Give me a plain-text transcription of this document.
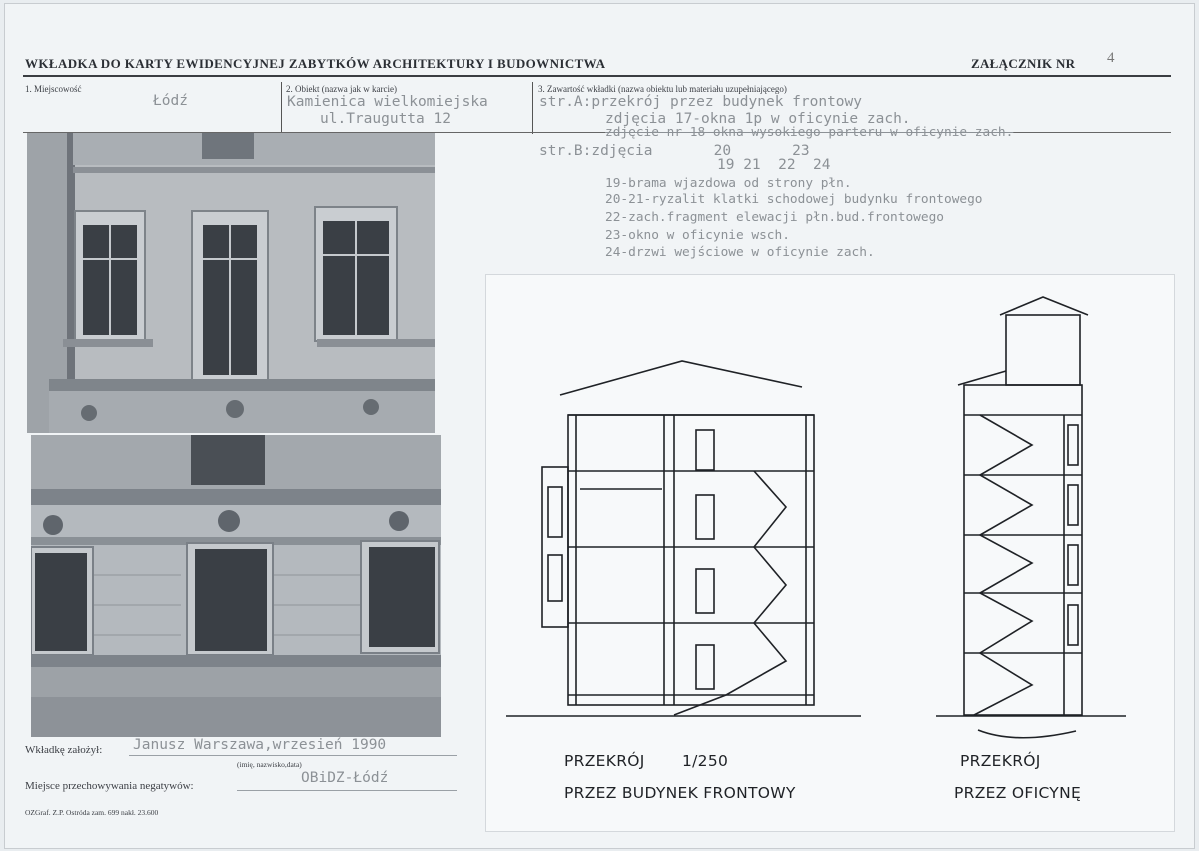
WKŁADKA DO KARTY EWIDENCYJNEJ ZABYTKÓW ARCHITEKTURY I BUDOWNICTWA	ZAŁĄCZNIK NR 4
1. Miejscowość
Łódź
2. Obiekt (nazwa jak w karcie)
Kamienica wielkomiejska
ul.Traugutta 12
3. Zawartość wkładki (nazwa obiektu lub materiału uzupełniającego)
str.A:przekrój przez budynek frontowy
zdjęcia 17-okna 1p w oficynie zach.
zdjęcie nr 18-okna wysokiego parteru w oficynie zach.
str.B:zdjęcia       20       23
19 21  22  24
19-brama wjazdowa od strony płn.
20-21-ryzalit klatki schodowej budynku frontowego
22-zach.fragment elewacji płn.bud.frontowego
23-okno w oficynie wsch.
24-drzwi wejściowe w oficynie zach.
PRZEKRÓJ 1/250
PRZEZ BUDYNEK FRONTOWY
PRZEKRÓJ
PRZEZ OFICYNĘ
Wkładkę założył: Janusz Warszawa,wrzesień 1990
(imię, nazwisko,data)
Miejsce przechowywania negatywów:	OBiDZ-Łódź
OZGraf. Z.P. Ostróda zam. 699 nakł. 23.600
